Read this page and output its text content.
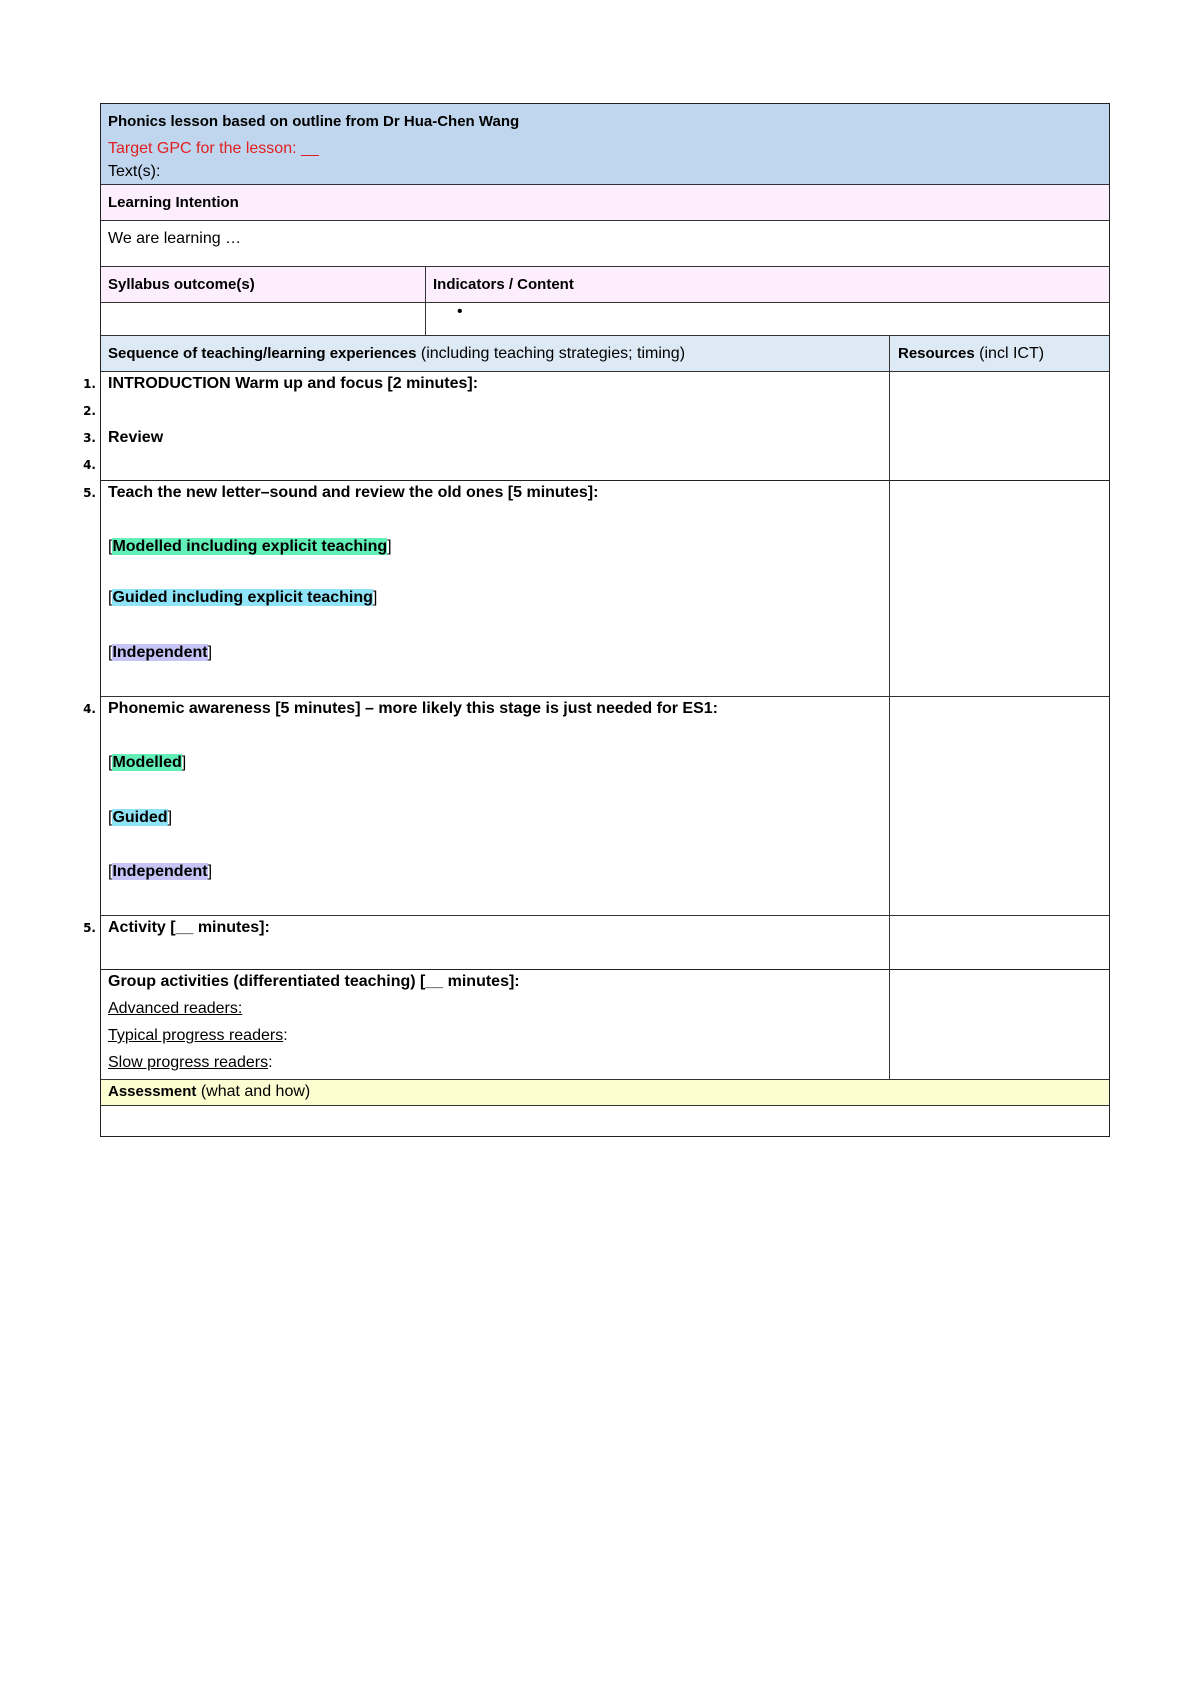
Phonics lesson based on outline from Dr Hua-Chen Wang
Target GPC for the lesson: __
Text(s):
Learning Intention
We are learning …
Syllabus outcome(s)	Indicators / Content
•
Sequence of teaching/learning experiences (including teaching strategies; timing)	Resources (incl ICT)
INTRODUCTION Warm up and focus [2 minutes]:
Review
Teach the new letter–sound and review the old ones [5 minutes]:
[Modelled including explicit teaching]
[Guided including explicit teaching]
[Independent]
Phonemic awareness [5 minutes] – more likely this stage is just needed for ES1:
[Modelled]
[Guided]
[Independent]
Activity [__ minutes]:
Group activities (differentiated teaching) [__ minutes]:
Advanced readers:
Typical progress readers:
Slow progress readers:
Assessment (what and how)
1.
2.
3.
4.
5.
4.
5.
